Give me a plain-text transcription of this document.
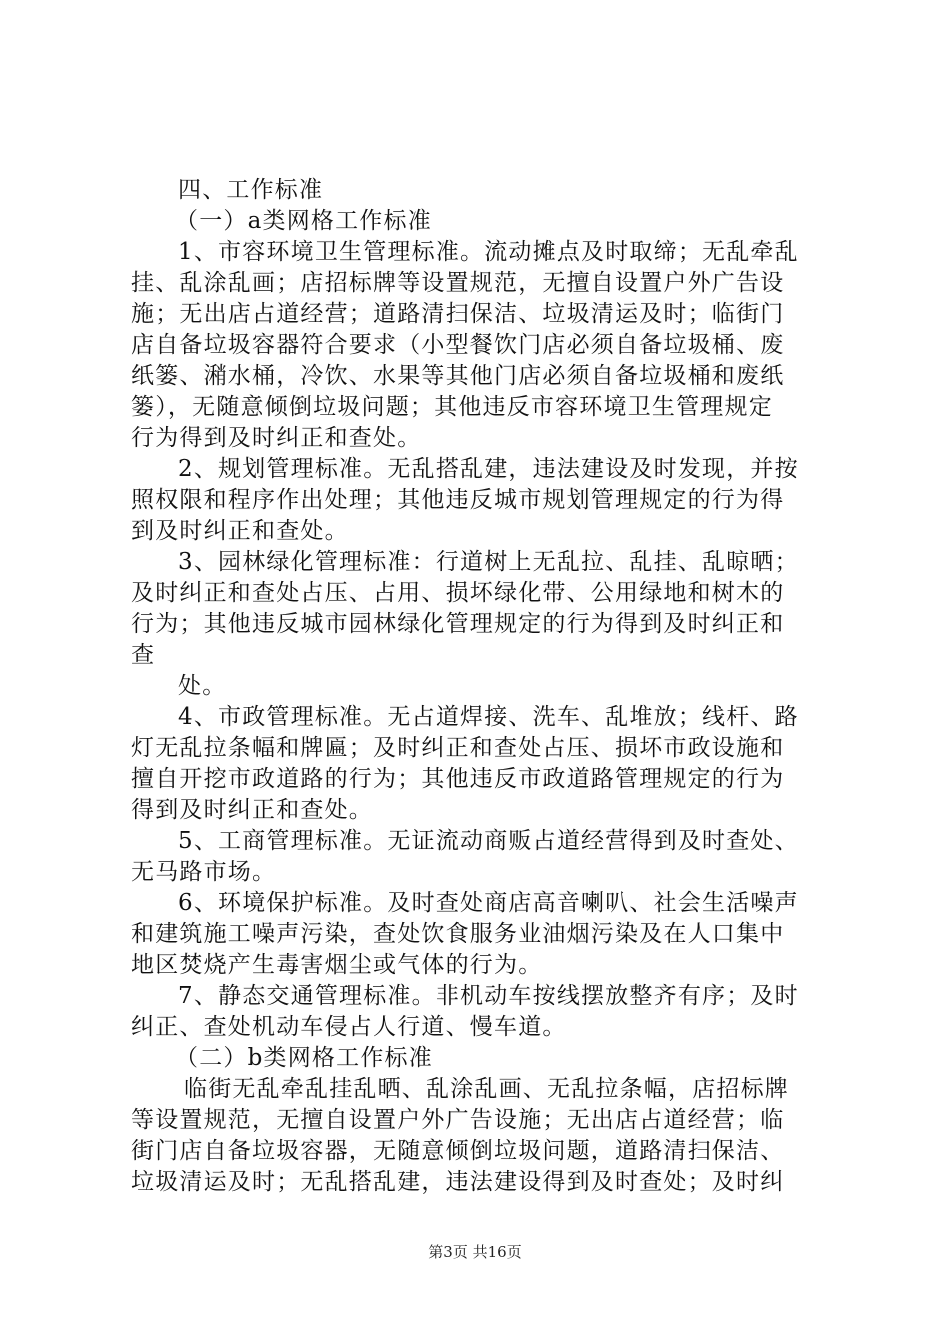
四、工作标准
（一）a类网格工作标准
1、市容环境卫生管理标准。流动摊点及时取缔；无乱牵乱
挂、乱涂乱画；店招标牌等设置规范，无擅自设置户外广告设
施；无出店占道经营；道路清扫保洁、垃圾清运及时；临街门
店自备垃圾容器符合要求（小型餐饮门店必须自备垃圾桶、废
纸篓、潲水桶，冷饮、水果等其他门店必须自备垃圾桶和废纸
篓），无随意倾倒垃圾问题；其他违反市容环境卫生管理规定
行为得到及时纠正和查处。
2、规划管理标准。无乱搭乱建，违法建设及时发现，并按
照权限和程序作出处理；其他违反城市规划管理规定的行为得
到及时纠正和查处。
3、园林绿化管理标准：行道树上无乱拉、乱挂、乱晾晒；
及时纠正和查处占压、占用、损坏绿化带、公用绿地和树木的
行为；其他违反城市园林绿化管理规定的行为得到及时纠正和
查
处。
4、市政管理标准。无占道焊接、洗车、乱堆放；线杆、路
灯无乱拉条幅和牌匾；及时纠正和查处占压、损坏市政设施和
擅自开挖市政道路的行为；其他违反市政道路管理规定的行为
得到及时纠正和查处。
5、工商管理标准。无证流动商贩占道经营得到及时查处、
无马路市场。
6、环境保护标准。及时查处商店高音喇叭、社会生活噪声
和建筑施工噪声污染，查处饮食服务业油烟污染及在人口集中
地区焚烧产生毒害烟尘或气体的行为。
7、静态交通管理标准。非机动车按线摆放整齐有序；及时
纠正、查处机动车侵占人行道、慢车道。
（二）b类网格工作标准
临街无乱牵乱挂乱晒、乱涂乱画、无乱拉条幅，店招标牌
等设置规范，无擅自设置户外广告设施；无出店占道经营；临
街门店自备垃圾容器，无随意倾倒垃圾问题，道路清扫保洁、
垃圾清运及时；无乱搭乱建，违法建设得到及时查处；及时纠
第3页 共16页
